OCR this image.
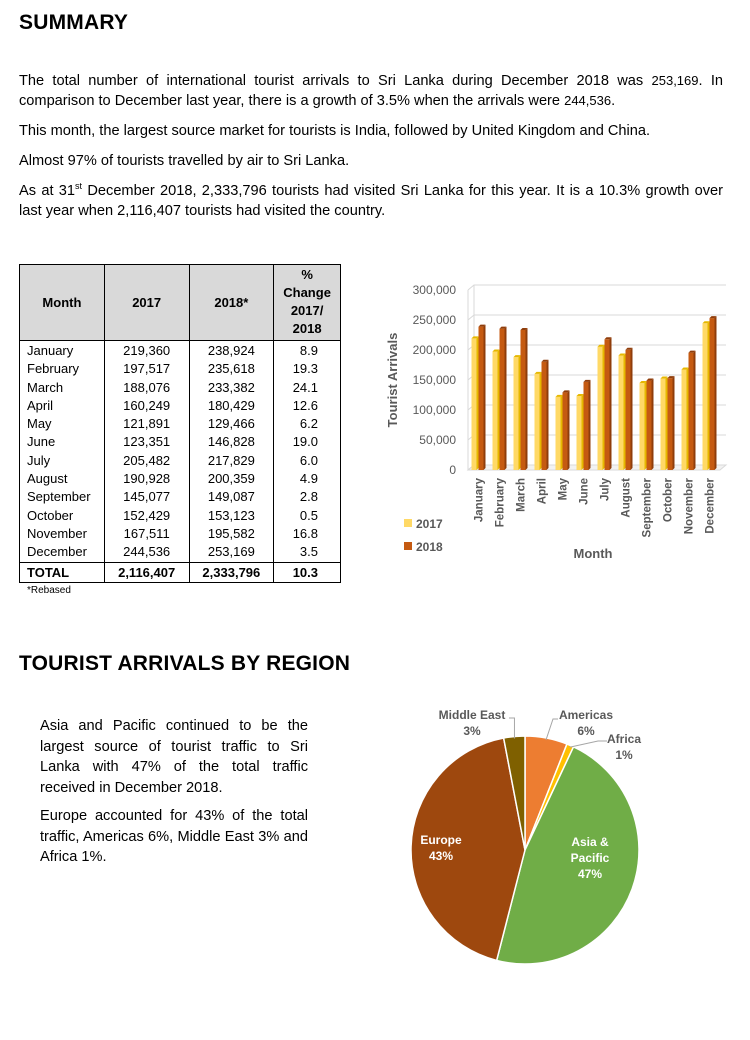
SUMMARY

The total number of international tourist arrivals to Sri Lanka during December 2018 was 253,169. In comparison to December last year, there is a growth of 3.5% when the arrivals were 244,536.

This month, the largest source market for tourists is India, followed by United Kingdom and China.

Almost 97% of tourists travelled by air to Sri Lanka.

As at 31st December 2018, 2,333,796 tourists had visited Sri Lanka for this year. It is a 10.3% growth over last year when 2,116,407 tourists had visited the country.

Month	2017	2018*	%
Change
2017/
2018

January	219,360	238,924	8.9
February	197,517	235,618	19.3
March	188,076	233,382	24.1
April	160,249	180,429	12.6
May	121,891	129,466	6.2
June	123,351	146,828	19.0
July	205,482	217,829	6.0
August	190,928	200,359	4.9
September	145,077	149,087	2.8
October	152,429	153,123	0.5
November	167,511	195,582	16.8
December	244,536	253,169	3.5
TOTAL	2,116,407	2,333,796	10.3
*Rebased
0
50,000
100,000
150,000
200,000
250,000
300,000
January February March April May June July August September October November December
Tourist Arrivals
Month
2017
2018
TOURIST ARRIVALS BY REGION

Asia and Pacific continued to be the largest source of tourist traffic to Sri Lanka with 47% of the total traffic received in December 2018.

Europe accounted for 43% of the total traffic, Americas 6%, Middle East 3% and Africa 1%.

Asia &
Pacific
47%
Europe
43%
Middle East
3%
Americas
6%
Africa
1%
